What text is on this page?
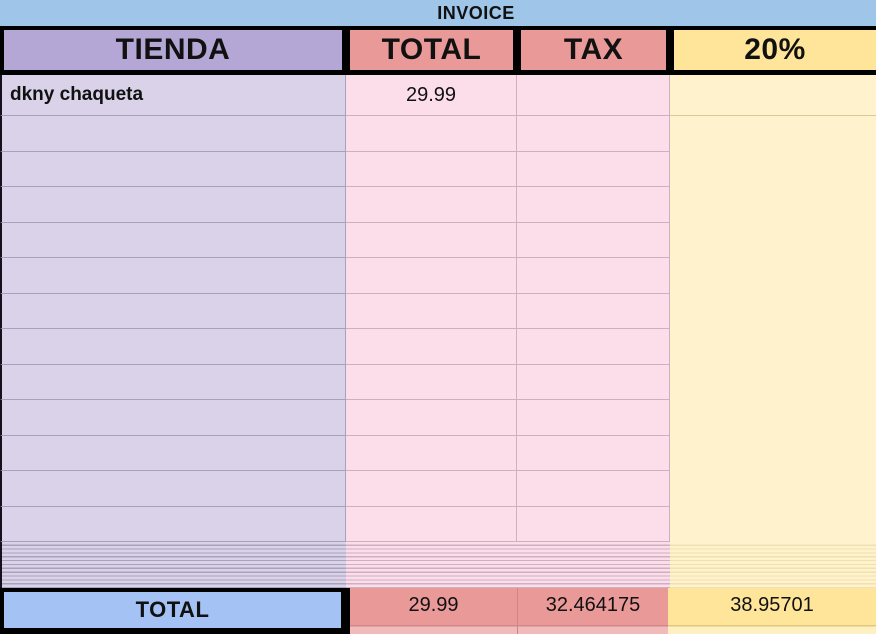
INVOICE
TIENDA	TOTAL	TAX	20%
dkny chaqueta	29.99
TOTAL	29.99	32.464175	38.95701
